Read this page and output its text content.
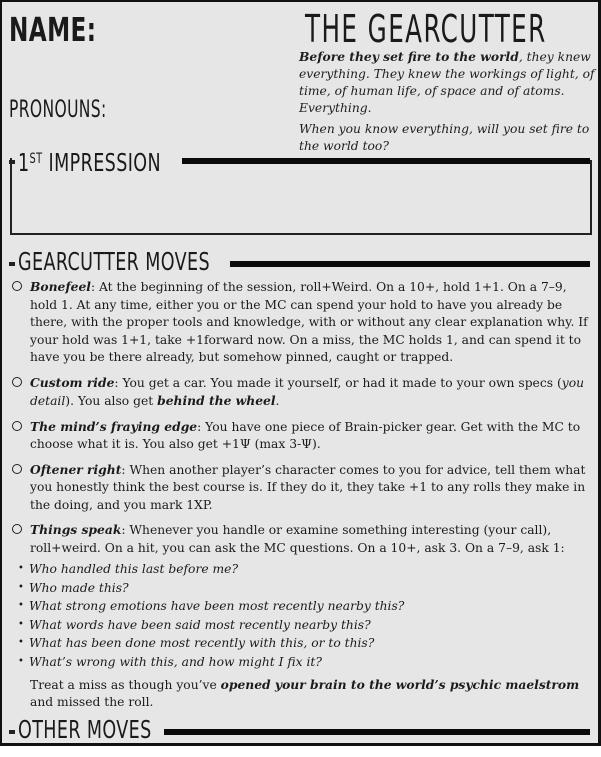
NAME:
PRONOUNS:
THE GEARCUTTER

Before they set fire to the world, they knew everything. They knew the workings of light, of time, of human life, of space and of atoms. Everything.

When you know everything, will you set fire to the world too?

1ST IMPRESSION
GEARCUTTER MOVES
Bonefeel: At the beginning of the session, roll+Weird. On a 10+, hold 1+1. On a 7–9, hold 1. At any time, either you or the MC can spend your hold to have you already be there, with the proper tools and knowledge, with or without any clear explanation why. If your hold was 1+1, take +1forward now. On a miss, the MC holds 1, and can spend it to have you be there already, but somehow pinned, caught or trapped.
Custom ride: You get a car. You made it yourself, or had it made to your own specs (you detail). You also get behind the wheel.
The mind’s fraying edge: You have one piece of Brain-picker gear. Get with the MC to choose what it is. You also get +1Ψ (max 3-Ψ).
Oftener right: When another player’s character comes to you for advice, tell them what you honestly think the best course is. If they do it, they take +1 to any rolls they make in the doing, and you mark 1XP.
Things speak: Whenever you handle or examine something interesting (your call), roll+weird. On a hit, you can ask the MC questions. On a 10+, ask 3. On a 7–9, ask 1:
• Who handled this last before me?
• Who made this?
• What strong emotions have been most recently nearby this?
• What words have been said most recently nearby this?
• What has been done most recently with this, or to this?
• What’s wrong with this, and how might I fix it?
Treat a miss as though you’ve opened your brain to the world’s psychic maelstrom and missed the roll.
OTHER MOVES
